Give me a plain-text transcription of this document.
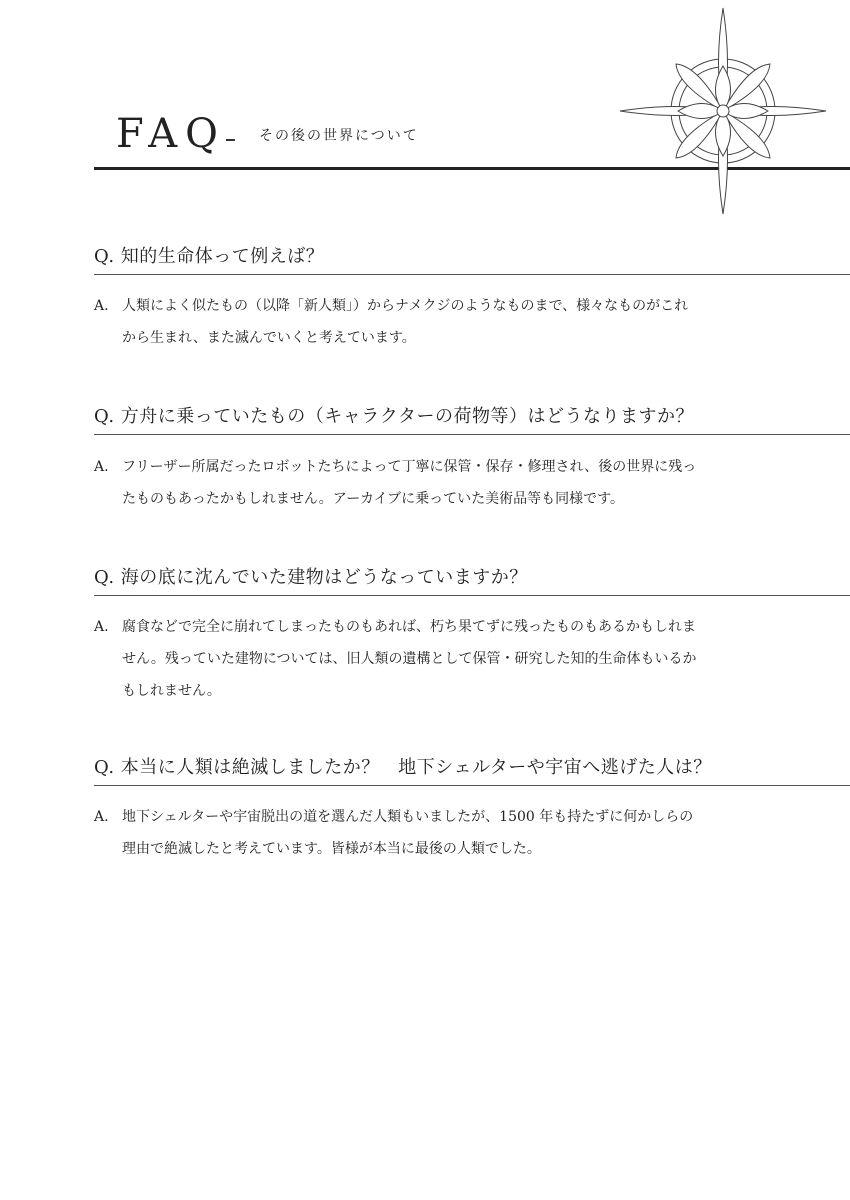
FAQ その後の世界について
Q. 知的生命体って例えば？
A. 人類によく似たもの（以降「新人類」）からナメクジのようなものまで、様々なものがこれ
から生まれ、また滅んでいくと考えています。
Q. 方舟に乗っていたもの（キャラクターの荷物等）はどうなりますか？
A. フリーザー所属だったロボットたちによって丁寧に保管・保存・修理され、後の世界に残っ
たものもあったかもしれません。アーカイブに乗っていた美術品等も同様です。
Q. 海の底に沈んでいた建物はどうなっていますか？
A. 腐食などで完全に崩れてしまったものもあれば、朽ち果てずに残ったものもあるかもしれま
せん。残っていた建物については、旧人類の遺構として保管・研究した知的生命体もいるか
もしれません。
Q. 本当に人類は絶滅しましたか？　地下シェルターや宇宙へ逃げた人は？
A. 地下シェルターや宇宙脱出の道を選んだ人類もいましたが、1500 年も持たずに何かしらの
理由で絶滅したと考えています。皆様が本当に最後の人類でした。
